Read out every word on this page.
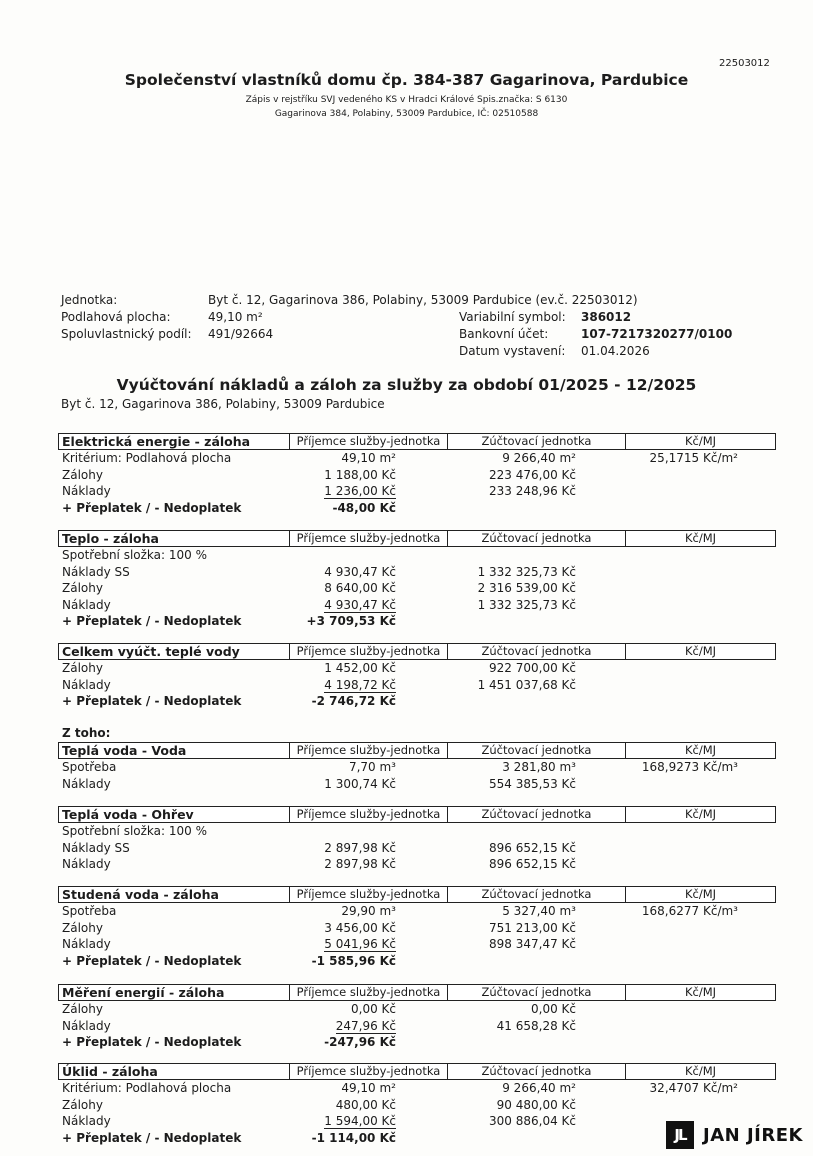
22503012
Společenství vlastníků domu čp. 384-387 Gagarinova, Pardubice
Zápis v rejstříku SVJ vedeného KS v Hradci Králové Spis.značka: S 6130
Gagarinova 384, Polabiny, 53009 Pardubice, IČ: 02510588
Jednotka:	Byt č. 12, Gagarinova 386, Polabiny, 53009 Pardubice (ev.č. 22503012)
Podlahová plocha:	49,10 m²
Spoluvlastnický podíl: 491/92664
Variabilní symbol: 386012
Bankovní účet:	107-7217320277/0100
Datum vystavení: 01.04.2026
Vyúčtování nákladů a záloh za služby za období 01/2025 - 12/2025
Byt č. 12, Gagarinova 386, Polabiny, 53009 Pardubice
Z toho:
Elektrická energie - záloha	Příjemce služby-jednotka	Zúčtovací jednotka	Kč/MJ
Kritérium: Podlahová plocha	49,10 m²	9 266,40 m²	25,1715 Kč/m²
Zálohy	1 188,00 Kč	223 476,00 Kč
Náklady	1 236,00 Kč	233 248,96 Kč
+ Přeplatek / - Nedoplatek	-48,00 Kč
Teplo - záloha	Příjemce služby-jednotka	Zúčtovací jednotka	Kč/MJ
Spotřební složka: 100 %
Náklady SS	4 930,47 Kč	1 332 325,73 Kč
Zálohy	8 640,00 Kč	2 316 539,00 Kč
Náklady	4 930,47 Kč	1 332 325,73 Kč
+ Přeplatek / - Nedoplatek	+3 709,53 Kč
Celkem vyúčt. teplé vody	Příjemce služby-jednotka	Zúčtovací jednotka	Kč/MJ
Zálohy	1 452,00 Kč	922 700,00 Kč
Náklady	4 198,72 Kč	1 451 037,68 Kč
+ Přeplatek / - Nedoplatek	-2 746,72 Kč
Teplá voda - Voda	Příjemce služby-jednotka	Zúčtovací jednotka	Kč/MJ
Spotřeba	7,70 m³	3 281,80 m³	168,9273 Kč/m³
Náklady	1 300,74 Kč	554 385,53 Kč
Teplá voda - Ohřev	Příjemce služby-jednotka	Zúčtovací jednotka	Kč/MJ
Spotřební složka: 100 %
Náklady SS	2 897,98 Kč	896 652,15 Kč
Náklady	2 897,98 Kč	896 652,15 Kč
Studená voda - záloha	Příjemce služby-jednotka	Zúčtovací jednotka	Kč/MJ
Spotřeba	29,90 m³	5 327,40 m³	168,6277 Kč/m³
Zálohy	3 456,00 Kč	751 213,00 Kč
Náklady	5 041,96 Kč	898 347,47 Kč
+ Přeplatek / - Nedoplatek	-1 585,96 Kč
Měření energií - záloha	Příjemce služby-jednotka	Zúčtovací jednotka	Kč/MJ
Zálohy	0,00 Kč	0,00 Kč
Náklady	247,96 Kč	41 658,28 Kč
+ Přeplatek / - Nedoplatek	-247,96 Kč
Úklid - záloha	Příjemce služby-jednotka	Zúčtovací jednotka	Kč/MJ
Kritérium: Podlahová plocha	49,10 m²	9 266,40 m²	32,4707 Kč/m²
Zálohy	480,00 Kč	90 480,00 Kč
Náklady	1 594,00 Kč	300 886,04 Kč
+ Přeplatek / - Nedoplatek	-1 114,00 Kč	JL JAN JÍREK
